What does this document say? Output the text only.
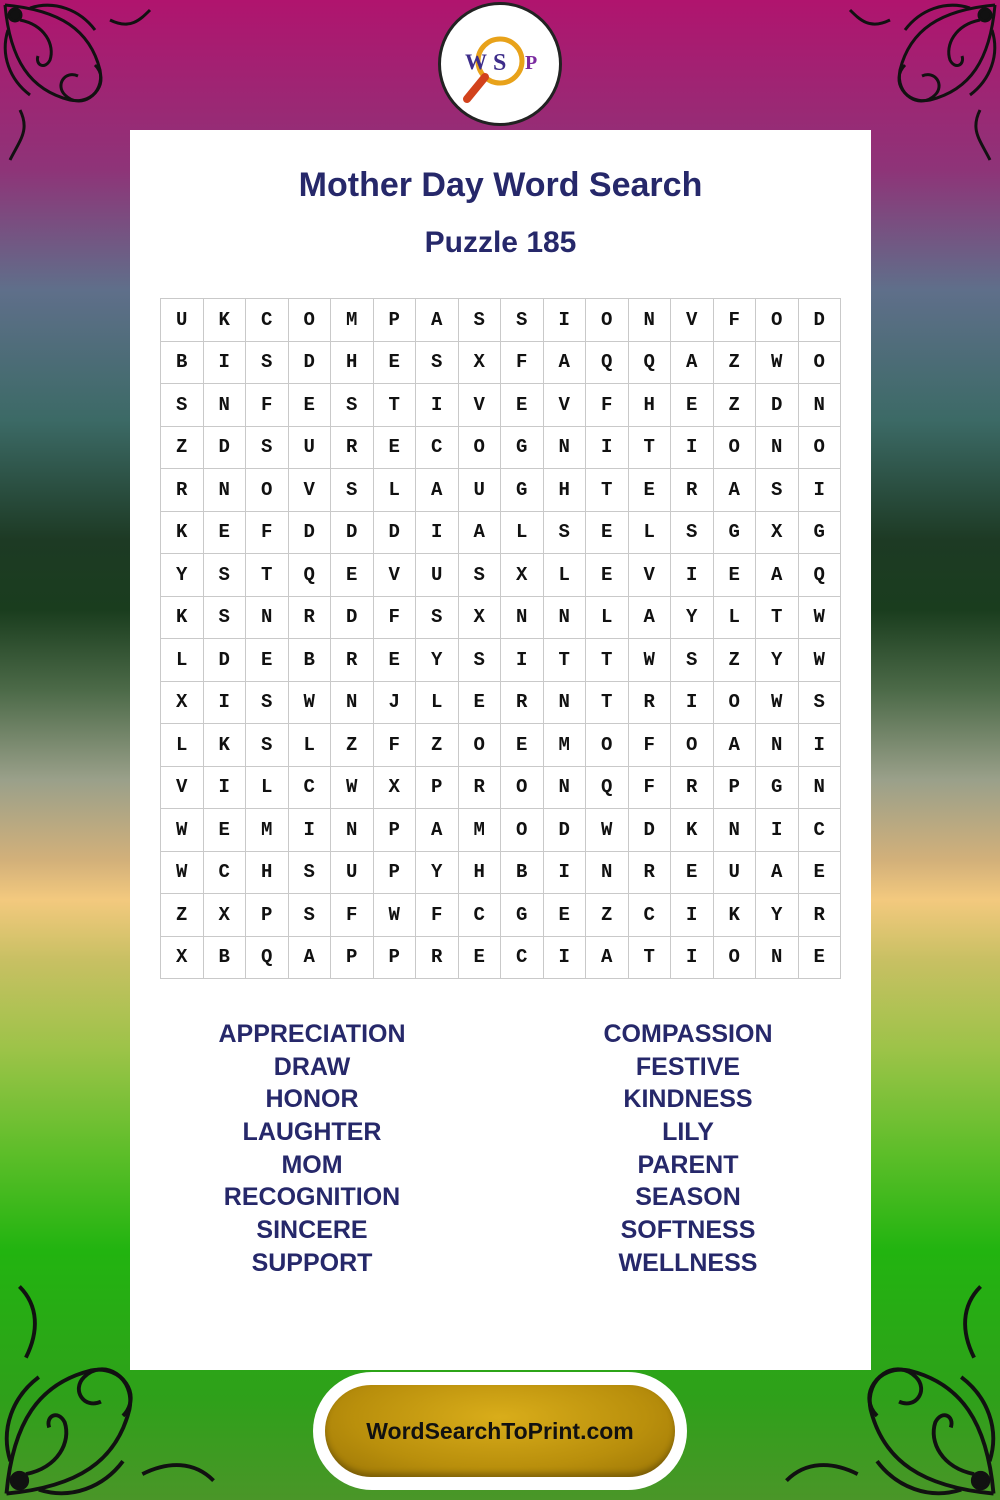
W S P
Mother Day Word Search
Puzzle 185
U	K	C	O	M	P	A	S	S	I	O	N	V	F	O	D
B	I	S	D	H	E	S	X	F	A	Q	Q	A	Z	W	O
S	N	F	E	S	T	I	V	E	V	F	H	E	Z	D	N
Z	D	S	U	R	E	C	O	G	N	I	T	I	O	N	O
R	N	O	V	S	L	A	U	G	H	T	E	R	A	S	I
K	E	F	D	D	D	I	A	L	S	E	L	S	G	X	G
Y	S	T	Q	E	V	U	S	X	L	E	V	I	E	A	Q
K	S	N	R	D	F	S	X	N	N	L	A	Y	L	T	W
L	D	E	B	R	E	Y	S	I	T	T	W	S	Z	Y	W
X	I	S	W	N	J	L	E	R	N	T	R	I	O	W	S
L	K	S	L	Z	F	Z	O	E	M	O	F	O	A	N	I
V	I	L	C	W	X	P	R	O	N	Q	F	R	P	G	N
W	E	M	I	N	P	A	M	O	D	W	D	K	N	I	C
W	C	H	S	U	P	Y	H	B	I	N	R	E	U	A	E
Z	X	P	S	F	W	F	C	G	E	Z	C	I	K	Y	R
X	B	Q	A	P	P	R	E	C	I	A	T	I	O	N	E
APPRECIATION
DRAW
HONOR
LAUGHTER
MOM
RECOGNITION
SINCERE
SUPPORT
COMPASSION
FESTIVE
KINDNESS
LILY
PARENT
SEASON
SOFTNESS
WELLNESS
WordSearchToPrint.com
